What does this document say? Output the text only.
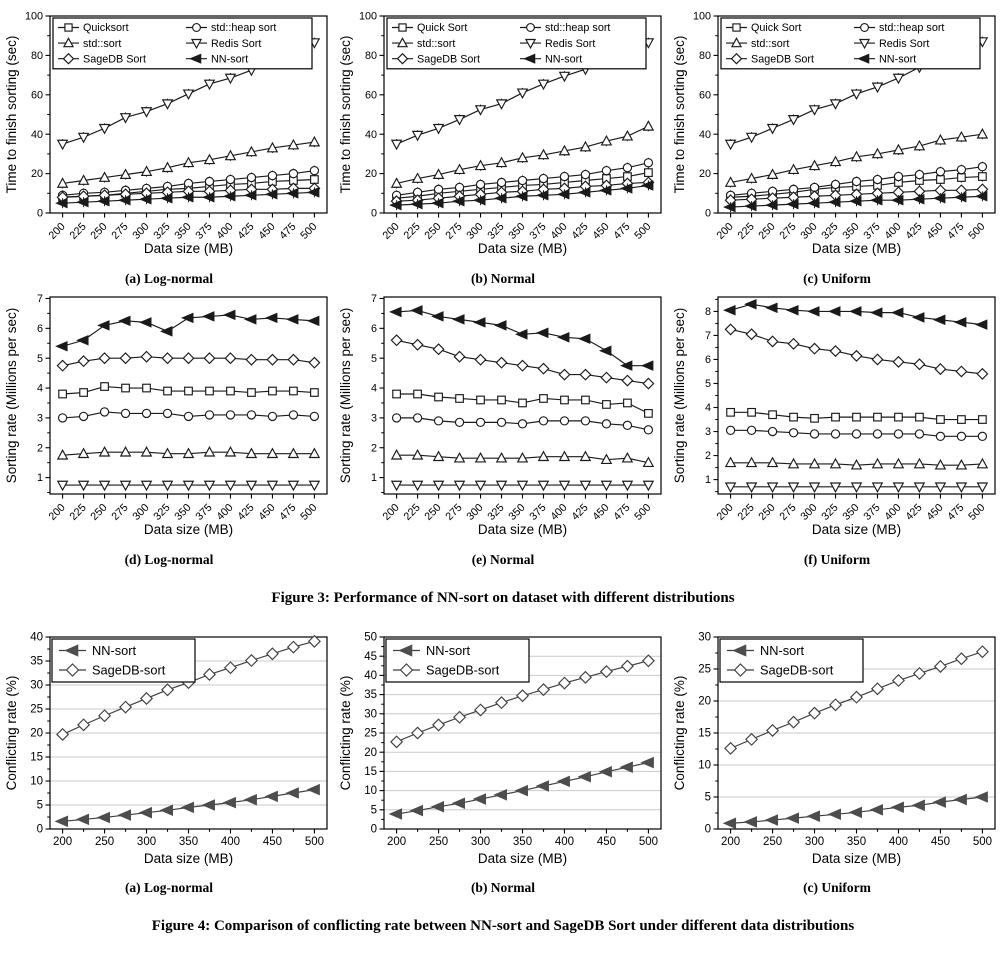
0
20
40
60
80
100
200 225 250 275 300 325 350 375 400 425 450 475 500
Data size (MB)
Time to finish sorting (sec)
Quicksort	std::heap sort
std::sort	Redis Sort
SageDB Sort	NN-sort
(a) Log-normal
0
20
40
60
80
100
200 225 250 275 300 325 350 375 400 425 450 475 500
Data size (MB)
Time to finish sorting (sec)
Quick Sort	std::heap sort
std::sort	Redis Sort
SageDB Sort	NN-sort
(b) Normal
0
20
40
60
80
100
200 225 250 275 300 325 350 375 400 425 450 475 500
Data size (MB)
Time to finish sorting (sec)
Quick Sort	std::heap sort
std::sort	Redis Sort
SageDB Sort	NN-sort
(c) Uniform
1
2
3
4
5
6
7
200 225 250 275 300 325 350 375 400 425 450 475 500
Data size (MB)
Sorting rate (Millions per sec)
(d) Log-normal
1
2
3
4
5
6
7
200 225 250 275 300 325 350 375 400 425 450 475 500
Data size (MB)
Sorting rate (Millions per sec)
(e) Normal
1
2
3
4
5
6
7
8
200 225 250 275 300 325 350 375 400 425 450 475 500
Data size (MB)
Sorting rate (Millions per sec)
(f) Uniform
Figure 3: Performance of NN-sort on dataset with different distributions
0
5
10
15
20
25
30
35
40
200 250 300 350 400 450 500
Data size (MB)
Conflicting rate (%)
NN-sort
SageDB-sort
(a) Log-normal
0
5
10
15
20
25
30
35
40
45
50
200 250 300 350 400 450 500
Data size (MB)
Conflicting rate (%)
NN-sort
SageDB-sort
(b) Normal
0
5
10
15
20
25
30
200 250 300 350 400 450 500
Data size (MB)
Conflicting rate (%)
NN-sort
SageDB-sort
(c) Uniform
Figure 4: Comparison of conflicting rate between NN-sort and SageDB Sort under different data distributions
